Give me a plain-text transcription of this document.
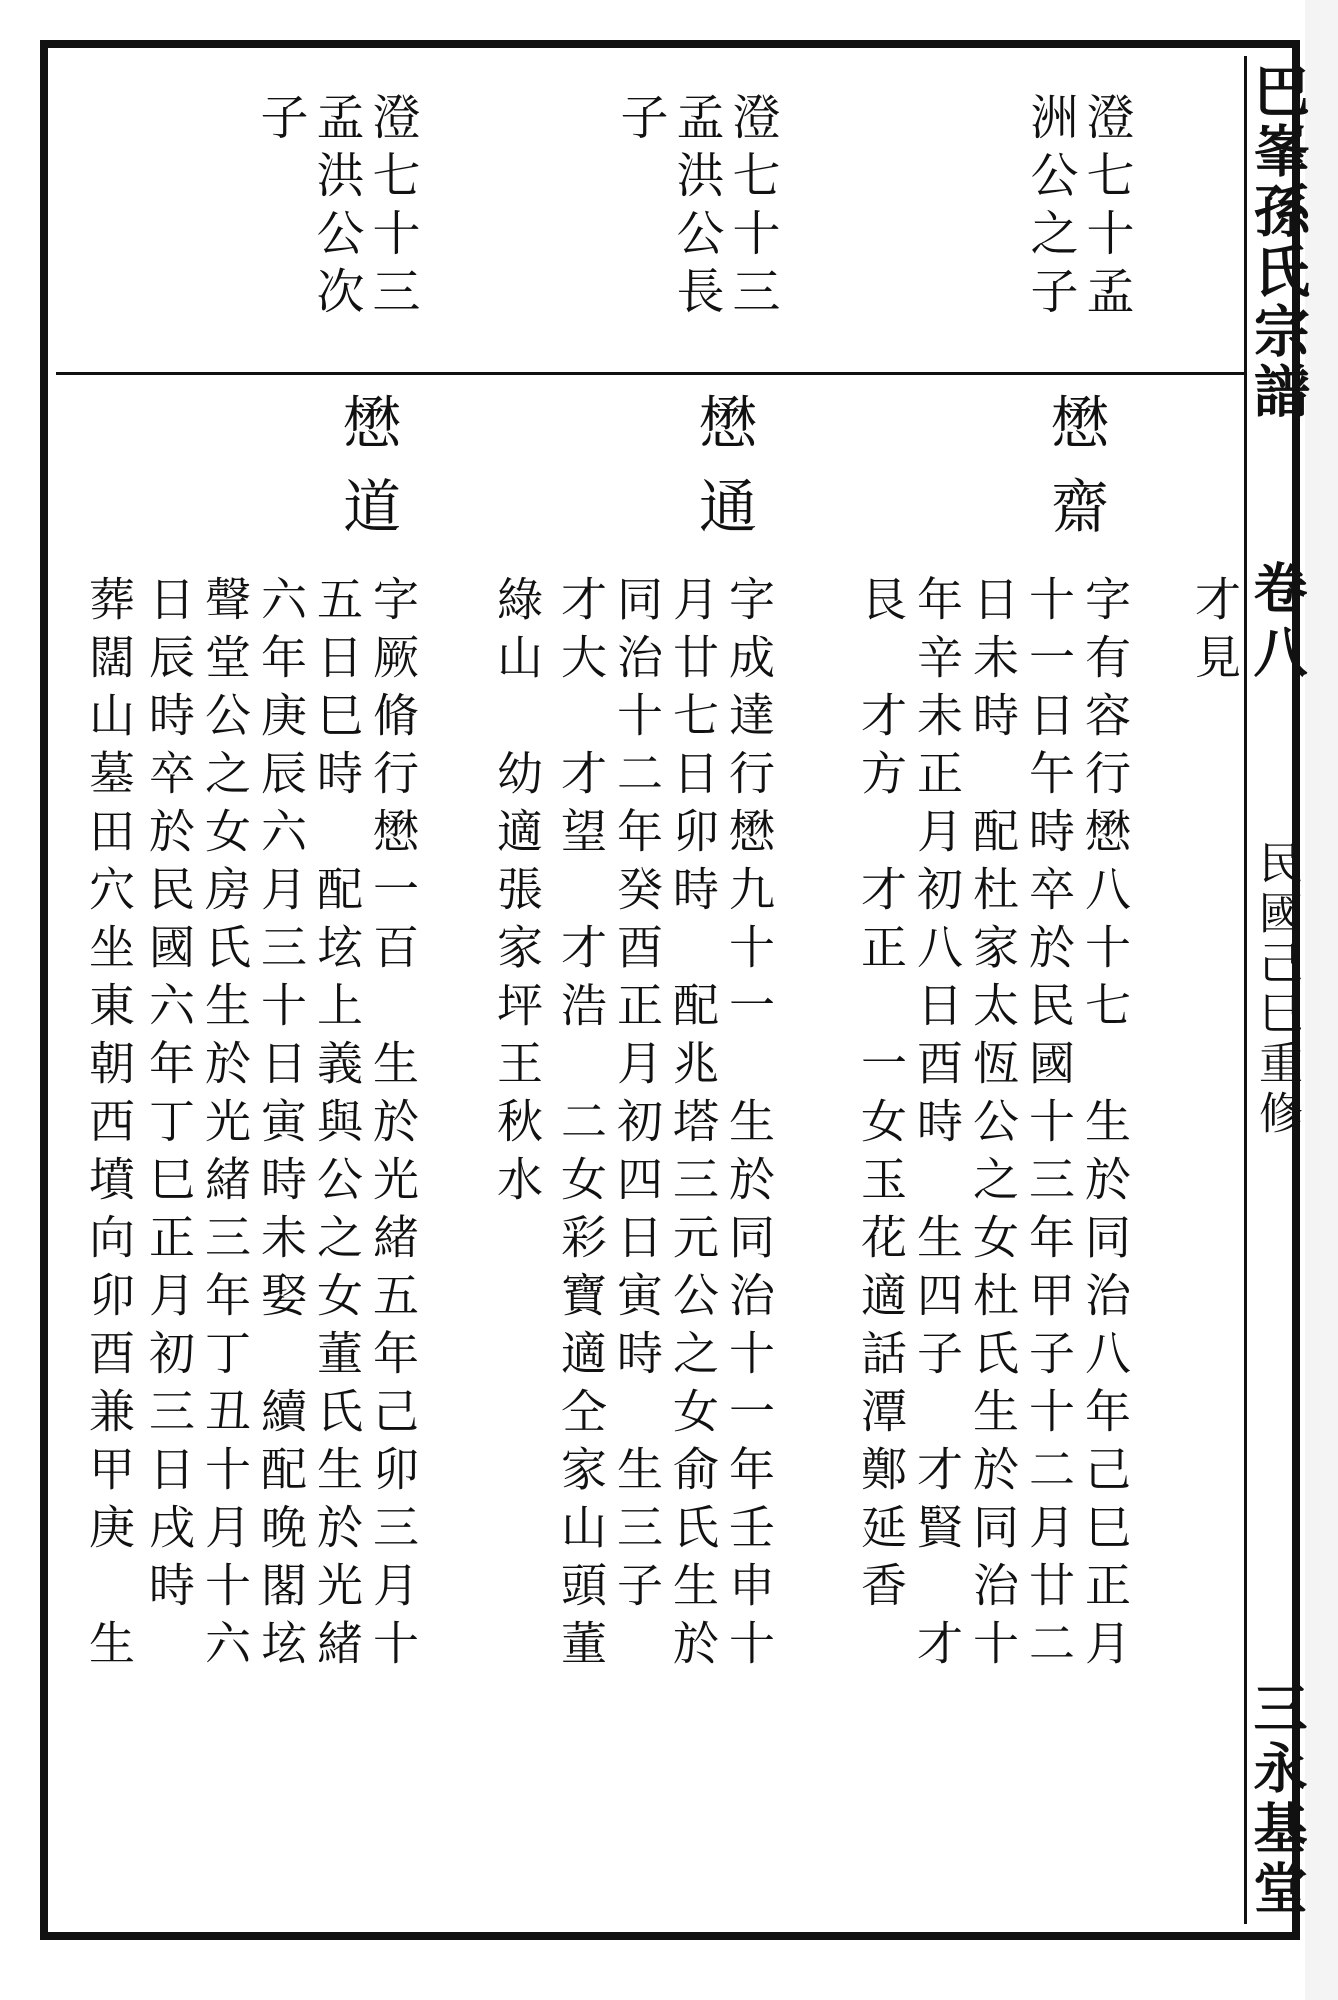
巴峯孫氏宗譜
卷八
民國己巳重修
三永基堂
澄七十孟
洲公之子
澄七十三
孟洪公長
子
澄七十三
孟洪公次
子
懋齋
懋通
懋道
字有容行懋八十七　生於同治八年己巳正月
十一日午時卒於民國十三年甲子十二月廿二
日未時　配杜家太恆公之女杜氏生於同治十
年辛未正月初八日酉時　生四子　才賢　才
艮　才方　才正　一女玉花適話潭鄭延香	才見
字成達行懋九十一　生於同治十一年壬申十
月廿七日卯時　配兆塔三元公之女俞氏生於
同治十二年癸酉正月初四日寅時　生三子
才大　才望　才浩　二女彩寶適仝家山頭董
綠山　幼適張家坪王秋水
字厥脩行懋一百　生於光緒五年己卯三月十
五日巳時　配𡊨上義與公之女董氏生於光緒
六年庚辰六月三十日寅時未娶　續配晚閣𡊨
聲堂公之女房氏生於光緒三年丁丑十月十六
日辰時卒於民國六年丁巳正月初三日戌時
葬闊山墓田穴坐東朝西墳向卯酉兼甲庚　生
